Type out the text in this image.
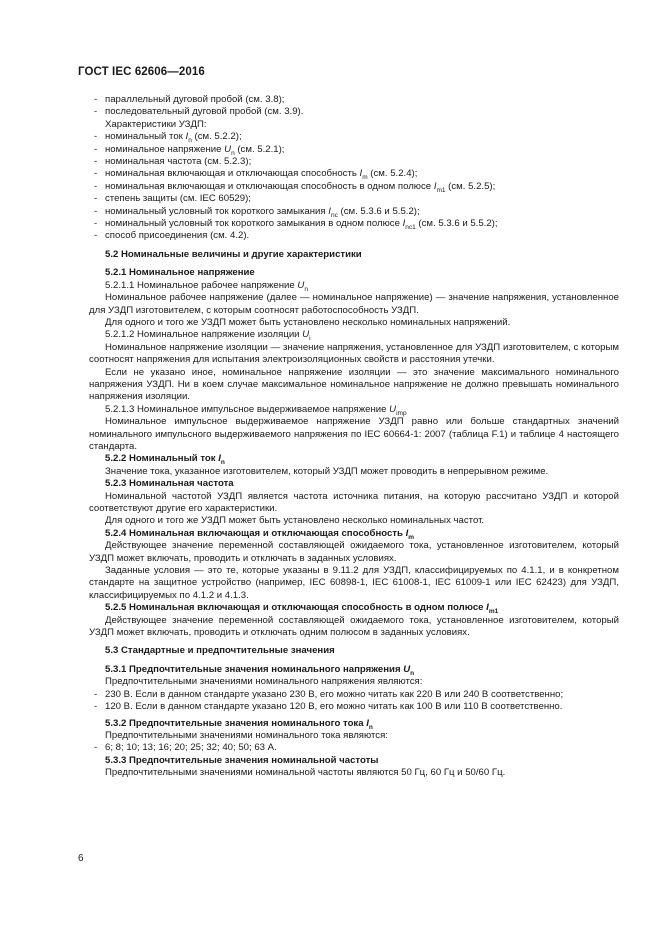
ГОСТ IEC 62606—2016

- параллельный дуговой пробой (см. 3.8);

- последовательный дуговой пробой (см. 3.9).

Характеристики УЗДП:

- номинальный ток $I_n$ (см. 5.2.2);

- номинальное напряжение $U_n$ (см. 5.2.1);

- номинальная частота (см. 5.2.3);

- номинальная включающая и отключающая способность $I_m$ (см. 5.2.4);

- номинальная включающая и отключающая способность в одном полюсе $I_{m1}$ (см. 5.2.5);

- степень защиты (см. IEC 60529);

- номинальный условный ток короткого замыкания $I_{nc}$ (см. 5.3.6 и 5.5.2);

- номинальный условный ток короткого замыкания в одном полюсе $I_{nc1}$ (см. 5.3.6 и 5.5.2);

- способ присоединения (см. 4.2).

5.2 Номинальные величины и другие характеристики

5.2.1 Номинальное напряжение

5.2.1.1 Номинальное рабочее напряжение $U_n$

Номинальное рабочее напряжение (далее — номинальное напряжение) — значение напряжения, установленное для УЗДП изготовителем, с которым соотносят работоспособность УЗДП.

Для одного и того же УЗДП может быть установлено несколько номинальных напряжений.

5.2.1.2 Номинальное напряжение изоляции $U_i$

Номинальное напряжение изоляции — значение напряжения, установленное для УЗДП изготовителем, с которым соотносят напряжения для испытания электроизоляционных свойств и расстояния утечки.

Если не указано иное, номинальное напряжение изоляции — это значение максимального номинального напряжения УЗДП. Ни в коем случае максимальное номинальное напряжение не должно превышать номинального напряжения изоляции.

5.2.1.3 Номинальное импульсное выдерживаемое напряжение $U_{imp}$

Номинальное импульсное выдерживаемое напряжение УЗДП равно или больше стандартных значений номинального импульсного выдерживаемого напряжения по IEC 60664-1: 2007 (таблица F.1) и таблице 4 настоящего стандарта.

5.2.2 Номинальный ток $I_n$

Значение тока, указанное изготовителем, который УЗДП может проводить в непрерывном режиме.

5.2.3 Номинальная частота

Номинальной частотой УЗДП является частота источника питания, на которую рассчитано УЗДП и которой соответствуют другие его характеристики.

Для одного и того же УЗДП может быть установлено несколько номинальных частот.

5.2.4 Номинальная включающая и отключающая способность $I_m$

Действующее значение переменной составляющей ожидаемого тока, установленное изготовителем, который УЗДП может включать, проводить и отключать в заданных условиях.

Заданные условия — это те, которые указаны в 9.11.2 для УЗДП, классифицируемых по 4.1.1, и в конкретном стандарте на защитное устройство (например, IEC 60898-1, IEC 61008-1, IEC 61009-1 или IEC 62423) для УЗДП, классифицируемых по 4.1.2 и 4.1.3.

5.2.5 Номинальная включающая и отключающая способность в одном полюсе $I_{m1}$

Действующее значение переменной составляющей ожидаемого тока, установленное изготовителем, который УЗДП может включать, проводить и отключать одним полюсом в заданных условиях.

5.3 Стандартные и предпочтительные значения

5.3.1 Предпочтительные значения номинального напряжения $U_n$

Предпочтительными значениями номинального напряжения являются:

- 230 В. Если в данном стандарте указано 230 В, его можно читать как 220 В или 240 В соответственно;

- 120 В. Если в данном стандарте указано 120 В, его можно читать как 100 В или 110 В соответственно.

5.3.2 Предпочтительные значения номинального тока $I_n$

Предпочтительными значениями номинального тока являются:

- 6; 8; 10; 13; 16; 20; 25; 32; 40; 50; 63 А.

5.3.3 Предпочтительные значения номинальной частоты

Предпочтительными значениями номинальной частоты являются 50 Гц, 60 Гц и 50/60 Гц.

6
